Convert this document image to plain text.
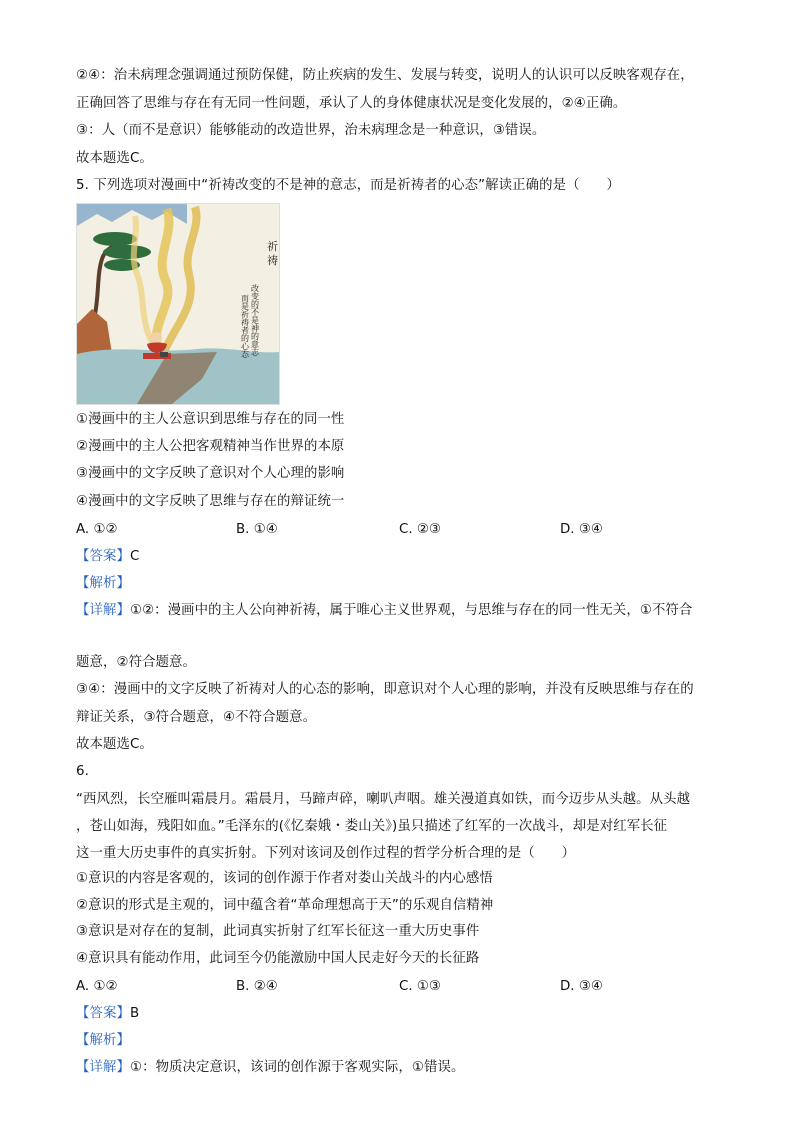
②④：治未病理念强调通过预防保健，防止疾病的发生、发展与转变，说明人的认识可以反映客观存在，
正确回答了思维与存在有无同一性问题，承认了人的身体健康状况是变化发展的，②④正确。
③：人（而不是意识）能够能动的改造世界，治未病理念是一种意识，③错误。
故本题选C。
5. 下列选项对漫画中“祈祷改变的不是神的意志，而是祈祷者的心态”解读正确的是（　　）
祈
祷
改变的不是神的意志
而是祈祷者的心态
①漫画中的主人公意识到思维与存在的同一性
②漫画中的主人公把客观精神当作世界的本原
③漫画中的文字反映了意识对个人心理的影响
④漫画中的文字反映了思维与存在的辩证统一
A. ①②	B. ①④	C. ②③	D. ③④
【答案】C
【解析】
【详解】①②：漫画中的主人公向神祈祷，属于唯心主义世界观，与思维与存在的同一性无关，①不符合
题意，②符合题意。
③④：漫画中的文字反映了祈祷对人的心态的影响，即意识对个人心理的影响，并没有反映思维与存在的
辩证关系，③符合题意，④不符合题意。
故本题选C。
6.
“西风烈，长空雁叫霜晨月。霜晨月，马蹄声碎，喇叭声咽。雄关漫道真如铁，而今迈步从头越。从头越
，苍山如海，残阳如血。”毛泽东的(《忆秦娥・娄山关》)虽只描述了红军的一次战斗，却是对红军长征
这一重大历史事件的真实折射。下列对该词及创作过程的哲学分析合理的是（　　）
①意识的内容是客观的，该词的创作源于作者对娄山关战斗的内心感悟
②意识的形式是主观的，词中蕴含着“革命理想高于天”的乐观自信精神
③意识是对存在的复制，此词真实折射了红军长征这一重大历史事件
④意识具有能动作用，此词至今仍能激励中国人民走好今天的长征路
A. ①②	B. ②④	C. ①③	D. ③④
【答案】B
【解析】
【详解】①：物质决定意识，该词的创作源于客观实际，①错误。
